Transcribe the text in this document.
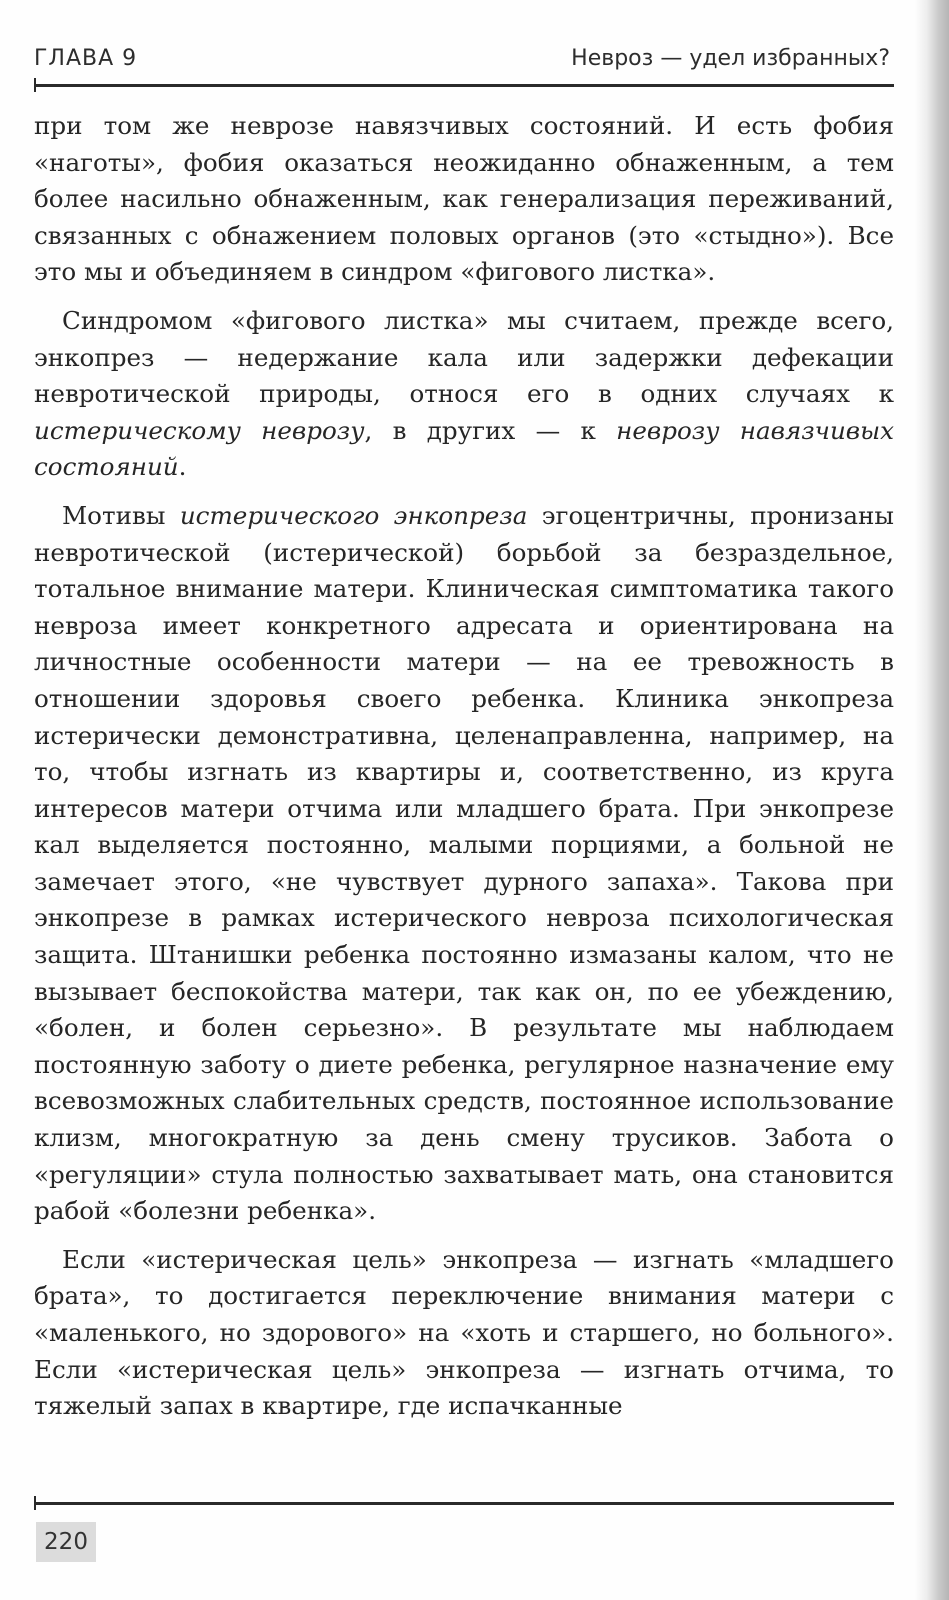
ГЛАВА 9	Невроз — удел избранных?

при том же неврозе навязчивых состояний. И есть фобия «наготы», фобия оказаться неожиданно обнаженным, а тем более насильно обнаженным, как генерализация переживаний, связанных с обнажением половых органов (это «стыдно»). Все это мы и объединяем в синдром «фигового листка».

Синдромом «фигового листка» мы считаем, прежде всего, энкопрез — недержание кала или задержки дефекации невротической природы, относя его в одних случаях к истерическому неврозу, в других — к неврозу навязчивых состояний.

Мотивы истерического энкопреза эгоцентричны, пронизаны невротической (истерической) борьбой за безраздельное, тотальное внимание матери. Клиническая симптоматика такого невроза имеет конкретного адресата и ориентирована на личностные особенности матери — на ее тревожность в отношении здоровья своего ребенка. Клиника энкопреза истерически демонстративна, целенаправленна, например, на то, чтобы изгнать из квартиры и, соответственно, из круга интересов матери отчима или младшего брата. При энкопрезе кал выделяется постоянно, малыми порциями, а больной не замечает этого, «не чувствует дурного запаха». Такова при энкопрезе в рамках истерического невроза психологическая защита. Штанишки ребенка постоянно измазаны калом, что не вызывает беспокойства матери, так как он, по ее убеждению, «болен, и болен серьезно». В результате мы наблюдаем постоянную заботу о диете ребенка, регулярное назначение ему всевозможных слабительных средств, постоянное использование клизм, многократную за день смену трусиков. Забота о «регуляции» стула полностью захватывает мать, она становится рабой «болезни ребенка».

Если «истерическая цель» энкопреза — изгнать «младшего брата», то достигается переключение внимания матери с «маленького, но здорового» на «хоть и старшего, но больного». Если «истерическая цель» энкопреза — изгнать отчима, то тяжелый запах в квартире, где испачканные

220
